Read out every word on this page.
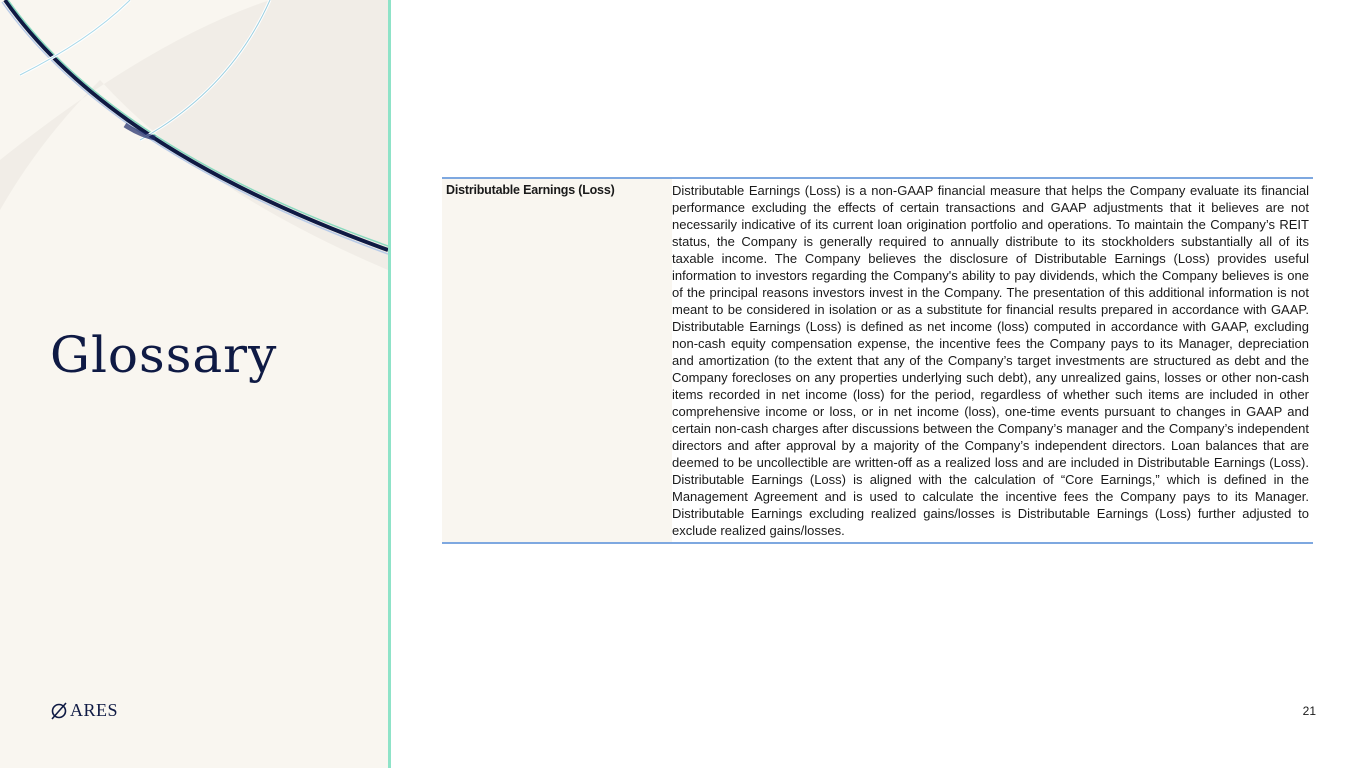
Glossary
ARES
Distributable Earnings (Loss)	Distributable Earnings (Loss) is a non-GAAP financial measure that helps the Company evaluate its financial performance excluding the effects of certain transactions and GAAP adjustments that it believes are not necessarily indicative of its current loan origination portfolio and operations. To maintain the Company’s REIT status, the Company is generally required to annually distribute to its stockholders substantially all of its taxable income. The Company believes the disclosure of Distributable Earnings (Loss) provides useful information to investors regarding the Company's ability to pay dividends, which the Company believes is one of the principal reasons investors invest in the Company. The presentation of this additional information is not meant to be considered in isolation or as a substitute for financial results prepared in accordance with GAAP. Distributable Earnings (Loss) is defined as net income (loss) computed in accordance with GAAP, excluding non-cash equity compensation expense, the incentive fees the Company pays to its Manager, depreciation and amortization (to the extent that any of the Company’s target investments are structured as debt and the Company forecloses on any properties underlying such debt), any unrealized gains, losses or other non-cash items recorded in net income (loss) for the period, regardless of whether such items are included in other comprehensive income or loss, or in net income (loss), one-time events pursuant to changes in GAAP and certain non-cash charges after discussions between the Company’s manager and the Company’s independent directors and after approval by a majority of the Company’s independent directors. Loan balances that are deemed to be uncollectible are written-off as a realized loss and are included in Distributable Earnings (Loss). Distributable Earnings (Loss) is aligned with the calculation of “Core Earnings,” which is defined in the Management Agreement and is used to calculate the incentive fees the Company pays to its Manager. Distributable Earnings excluding realized gains/losses is Distributable Earnings (Loss) further adjusted to exclude realized gains/losses.
21
